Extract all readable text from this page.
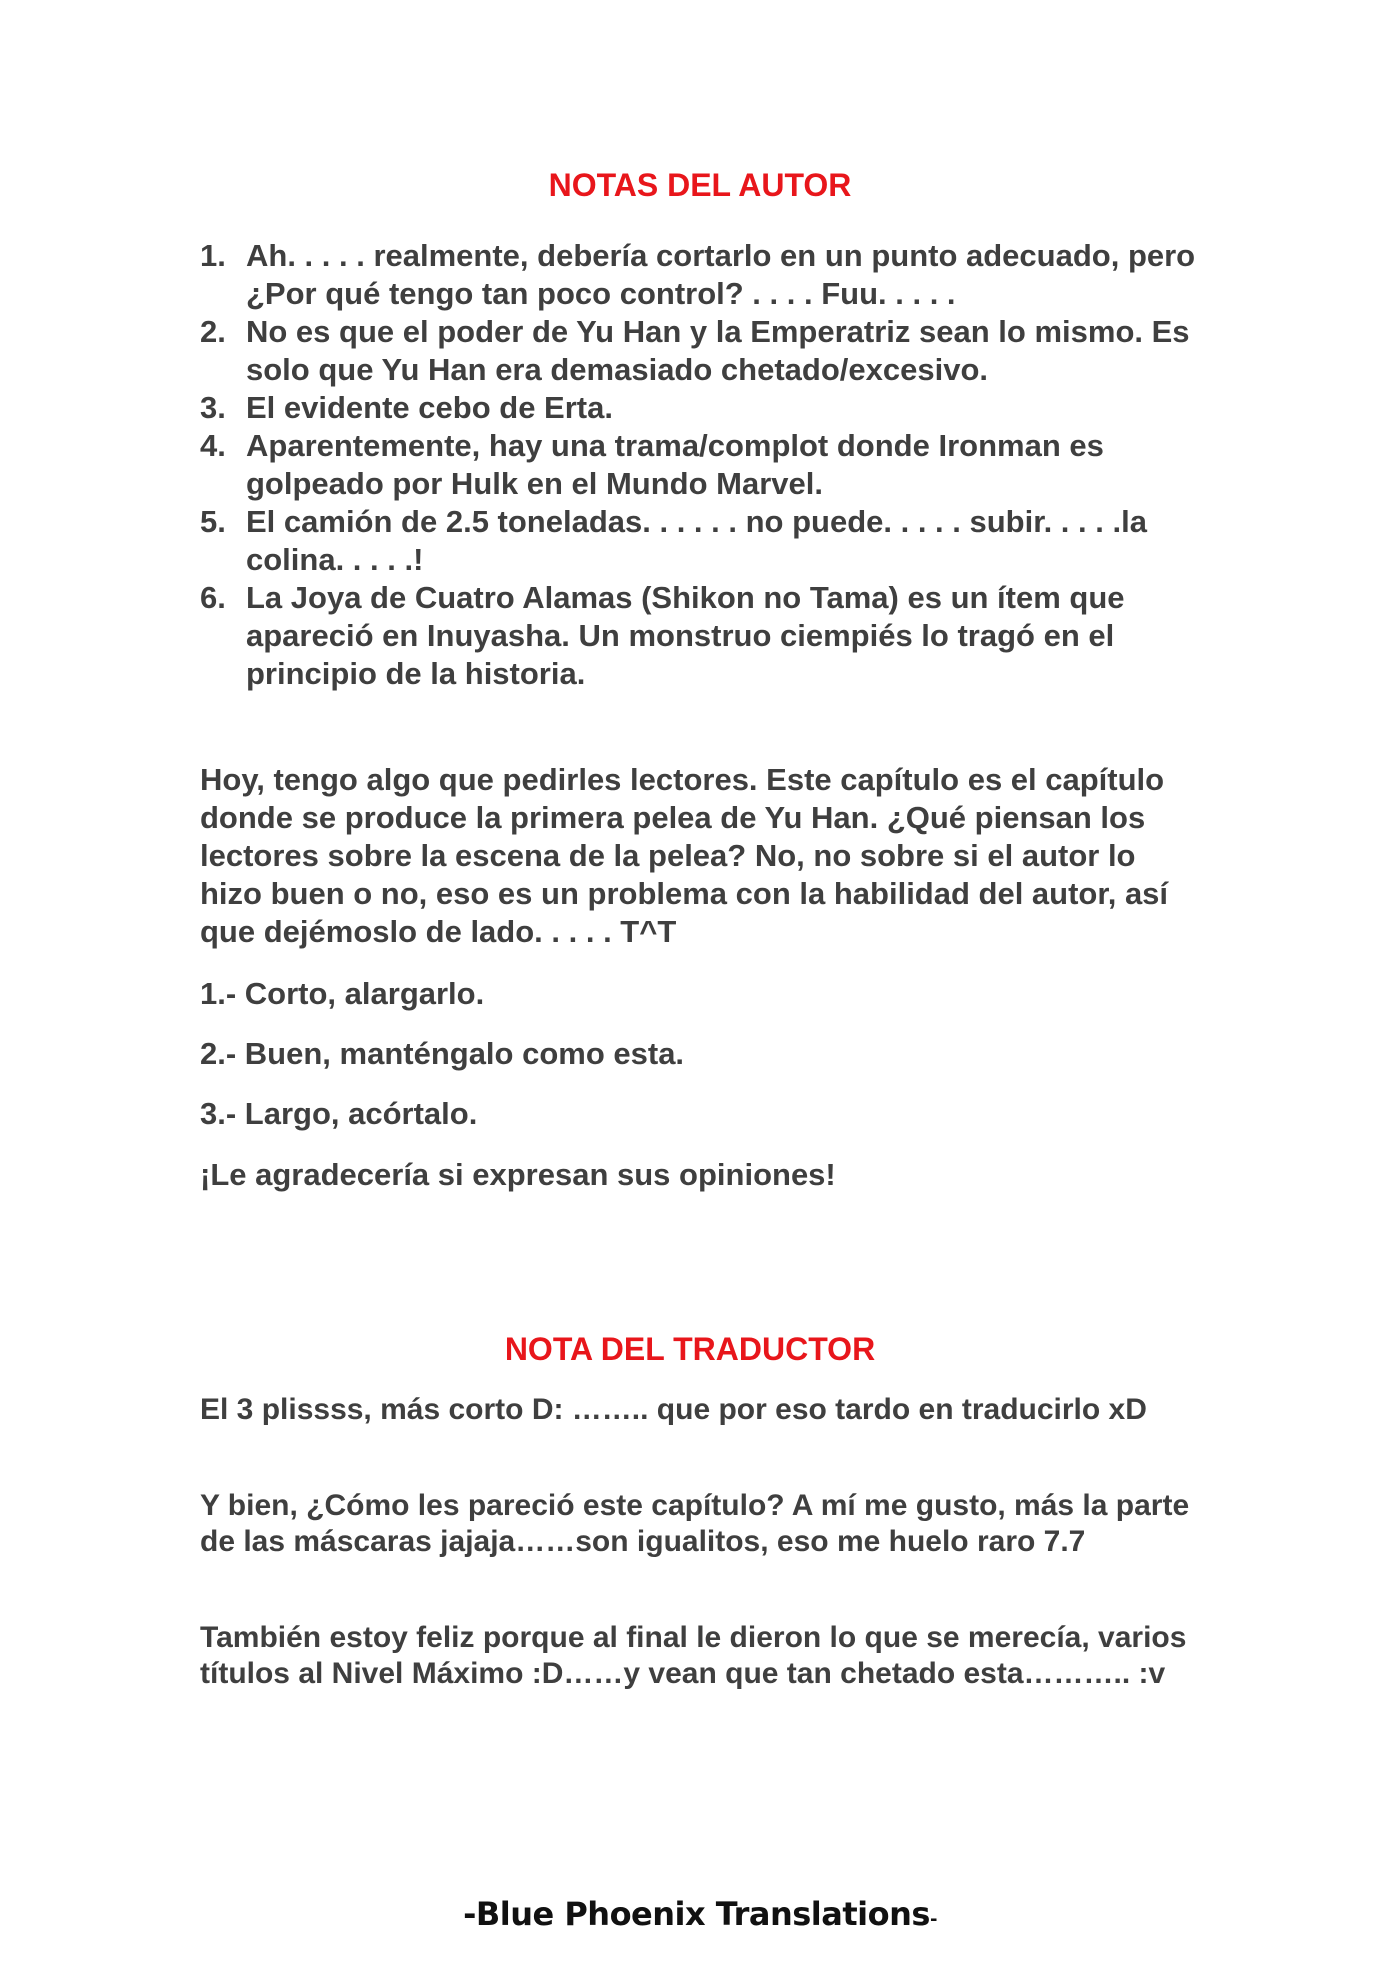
NOTAS DEL AUTOR
1. Ah. . . . . realmente, debería cortarlo en un punto adecuado, pero ¿Por qué tengo tan poco control? . . . . Fuu. . . . .
2. No es que el poder de Yu Han y la Emperatriz sean lo mismo. Es solo que Yu Han era demasiado chetado/excesivo.
3. El evidente cebo de Erta.
4. Aparentemente, hay una trama/complot donde Ironman es golpeado por Hulk en el Mundo Marvel.
5. El camión de 2.5 toneladas. . . . . . no puede. . . . . subir. . . . .la colina. . . . .!
6. La Joya de Cuatro Alamas (Shikon no Tama) es un ítem que apareció en Inuyasha. Un monstruo ciempiés lo tragó en el principio de la historia.

Hoy, tengo algo que pedirles lectores. Este capítulo es el capítulo donde se produce la primera pelea de Yu Han. ¿Qué piensan los lectores sobre la escena de la pelea? No, no sobre si el autor lo hizo buen o no, eso es un problema con la habilidad del autor, así que dejémoslo de lado. . . . . T^T

1.- Corto, alargarlo.

2.- Buen, manténgalo como esta.

3.- Largo, acórtalo.

¡Le agradecería si expresan sus opiniones!

NOTA DEL TRADUCTOR

El 3 plissss, más corto D: …….. que por eso tardo en traducirlo xD

Y bien, ¿Cómo les pareció este capítulo? A mí me gusto, más la parte de las máscaras jajaja……son igualitos, eso me huelo raro 7.7

También estoy feliz porque al final le dieron lo que se merecía, varios títulos al Nivel Máximo :D……y vean que tan chetado esta……….. :v

-Blue Phoenix Translations-
